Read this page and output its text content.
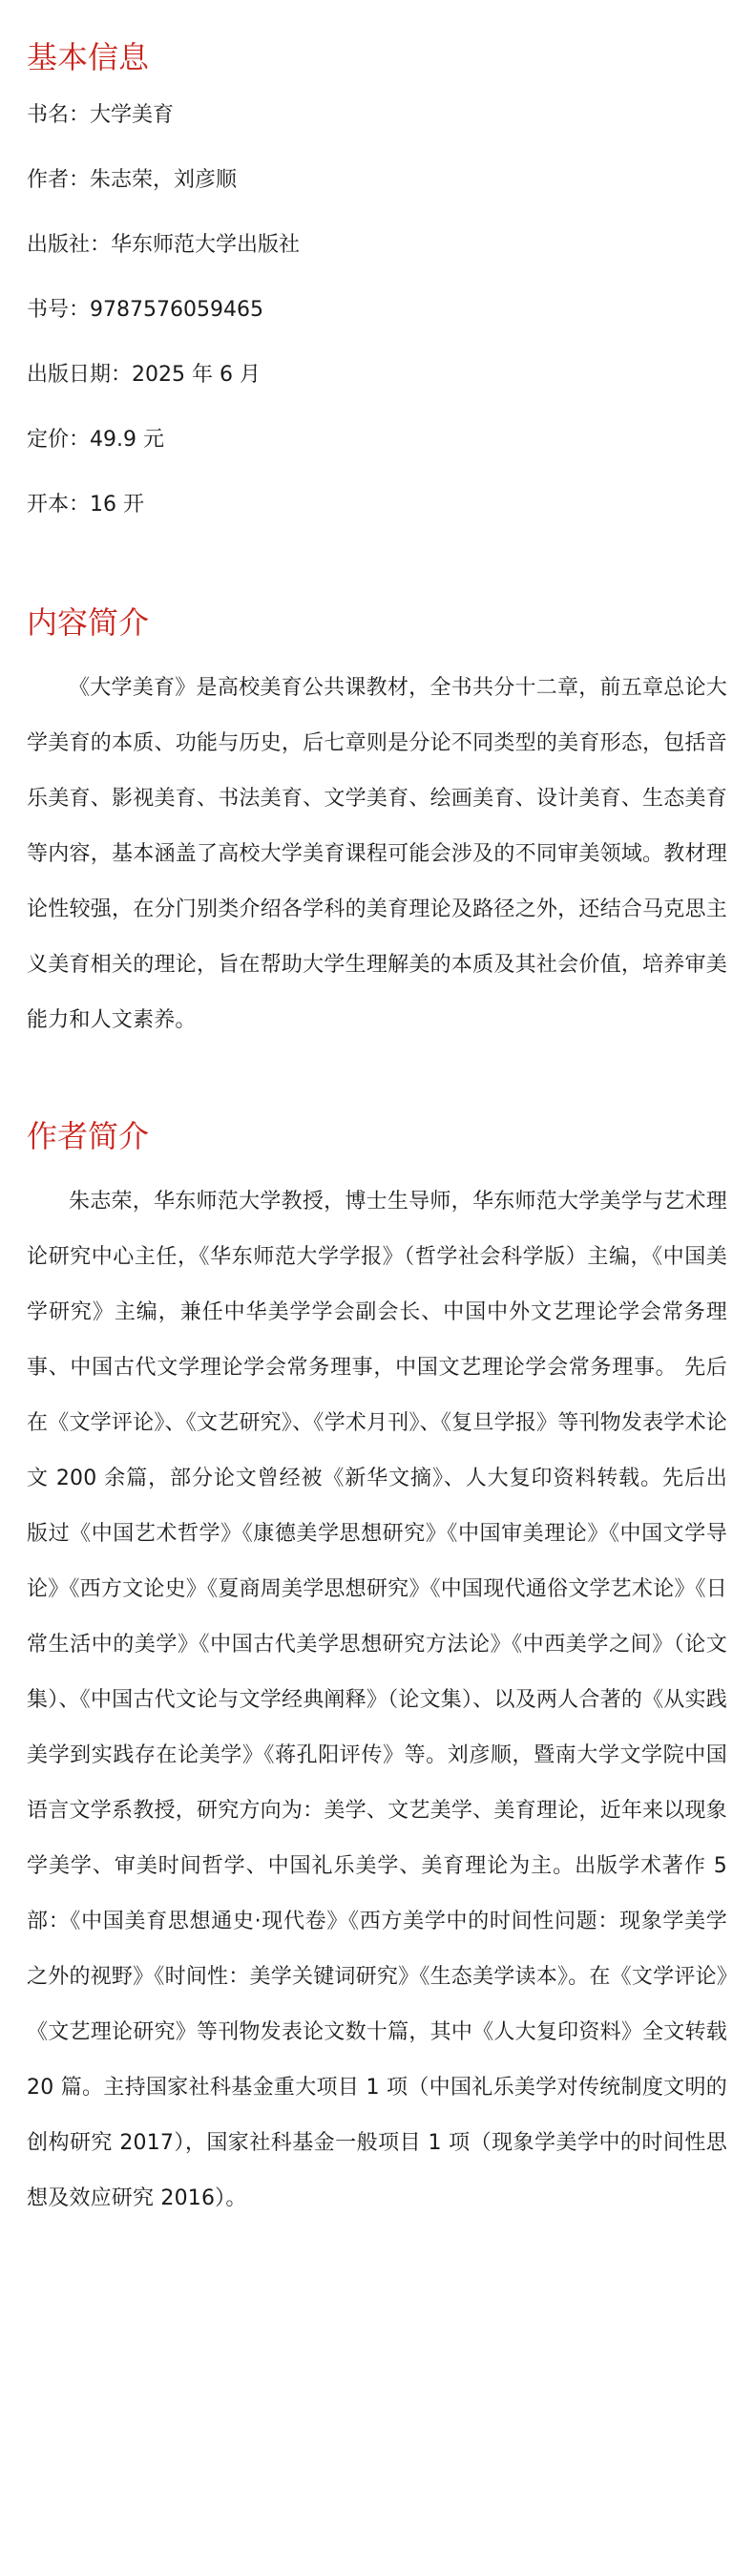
基本信息
书名 ： 大学美育
作者 ： 朱志荣，刘彦顺
出版社 ： 华东师范大学出版社
书号 ： 9787576059465
出版日期 ： 2025 年 6 月
定价 ： 49.9 元
开本 ： 16 开
内容简介

《大学美育》是高校美育公共课教材，全书共分十二章，前五章总论大学美育的本质、功能与历史，后七章则是分论不同类型的美育形态，包括音乐美育、影视美育、书法美育、文学美育、绘画美育、设计美育、生态美育等内容，基本涵盖了高校大学美育课程可能会涉及的不同审美领域。教材理论性较强，在分门别类介绍各学科的美育理论及路径之外，还结合马克思主义美育相关的理论，旨在帮助大学生理解美的本质及其社会价值，培养审美能力和人文素养。

作者简介

朱志荣，华东师范大学教授，博士生导师，华东师范大学美学与艺术理论研究中心主任，《华东师范大学学报》（哲学社会科学版）主编，《中国美学研究》主编，兼任中华美学学会副会长、中国中外文艺理论学会常务理事、中国古代文学理论学会常务理事，中国文艺理论学会常务理事。 先后在《文学评论》、《文艺研究》、《学术月刊》、《复旦学报》等刊物发表学术论文 200 余篇，部分论文曾经被《新华文摘》、人大复印资料转载。先后出版过《中国艺术哲学》《康德美学思想研究》《中国审美理论》《中国文学导论》《西方文论史》《夏商周美学思想研究》《中国现代通俗文学艺术论》《日常生活中的美学》《中国古代美学思想研究方法论》《中西美学之间》（论文集）、《中国古代文论与文学经典阐释》（论文集）、以及两人合著的《从实践美学到实践存在论美学》《蒋孔阳评传》等。刘彦顺，暨南大学文学院中国语言文学系教授，研究方向为：美学、文艺美学、美育理论，近年来以现象学美学、审美时间哲学、中国礼乐美学、美育理论为主。出版学术著作 5 部：《中国美育思想通史·现代卷》《西方美学中的时间性问题：现象学美学之外的视野》《时间性：美学关键词研究》《生态美学读本》。在《文学评论》《文艺理论研究》等刊物发表论文数十篇，其中《人大复印资料》全文转载 20 篇。主持国家社科基金重大项目 1 项（中国礼乐美学对传统制度文明的创构研究 2017），国家社科基金一般项目 1 项（现象学美学中的时间性思想及效应研究 2016）。
